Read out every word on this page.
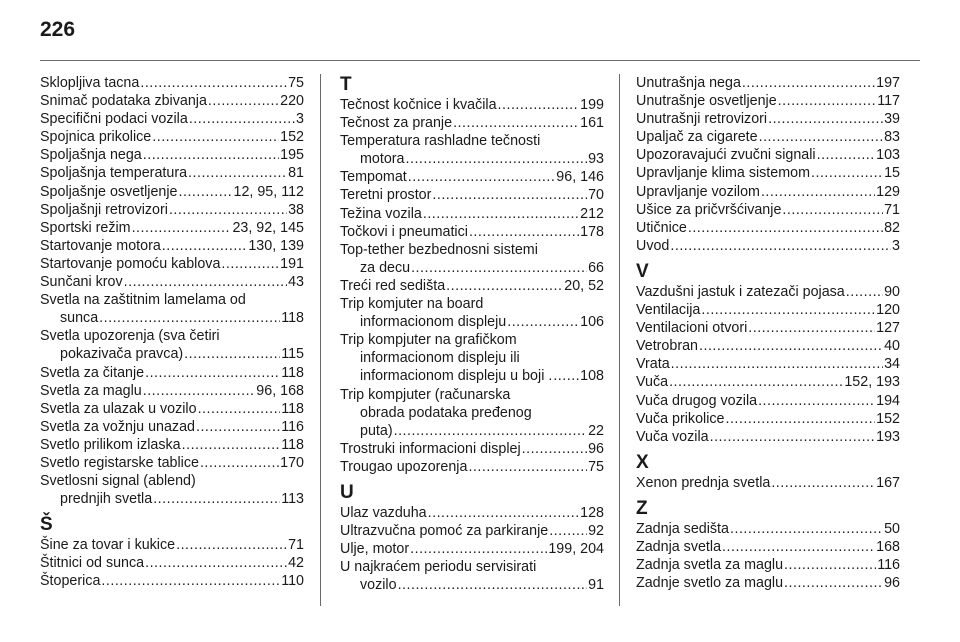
226
Sklopljiva tacna .....	75
Snimač podataka zbivanja .....	220
Specifični podaci vozila .....	3
Spojnica prikolice .....	152
Spoljašnja nega .....	195
Spoljašnja temperatura .....	81
Spoljašnje osvetljenje .....	12, 95, 112
Spoljašnji retrovizori .....	38
Sportski režim .....	23, 92, 145
Startovanje motora .....	130, 139
Startovanje pomoću kablova .....	191
Sunčani krov .....	43
Svetla na zaštitnim lamelama od
sunca .....	118
Svetla upozorenja (sva četiri
pokazivača pravca) .....	115
Svetla za čitanje .....	118
Svetla za maglu .....	96, 168
Svetla za ulazak u vozilo .....	118
Svetla za vožnju unazad .....	116
Svetlo prilikom izlaska .....	118
Svetlo registarske tablice .....	170
Svetlosni signal (ablend)
prednjih svetla .....	113
Š
Šine za tovar i kukice .....	71
Štitnici od sunca .....	42
Štoperica .....	110
T
Tečnost kočnice i kvačila .....	199
Tečnost za pranje .....	161
Temperatura rashladne tečnosti
motora .....	93
Tempomat .....	96, 146
Teretni prostor .....	70
Težina vozila .....	212
Točkovi i pneumatici .....	178
Top-tether bezbednosni sistemi
za decu .....	66
Treći red sedišta .....	20, 52
Trip komjuter na board
informacionom displeju .....	106
Trip kompjuter na grafičkom
informacionom displeju ili
informacionom displeju u boji . ..... 108
Trip kompjuter (računarska
obrada podataka pređenog
puta) .....	22
Trostruki informacioni displej .....	96
Trougao upozorenja .....	75
U
Ulaz vazduha .....	128
Ultrazvučna pomoć za parkiranje .....	92
Ulje, motor .....	199, 204
U najkraćem periodu servisirati
vozilo .....	91
Unutrašnja nega .....	197
Unutrašnje osvetljenje .....	117
Unutrašnji retrovizori .....	39
Upaljač za cigarete .....	83
Upozoravajući zvučni signali .....	103
Upravljanje klima sistemom .....	15
Upravljanje vozilom .....	129
Ušice za pričvršćivanje .....	71
Utičnice .....	82
Uvod .....	3
V
Vazdušni jastuk i zatezači pojasa .....	90
Ventilacija .....	120
Ventilacioni otvori .....	127
Vetrobran .....	40
Vrata .....	34
Vuča .....	152, 193
Vuča drugog vozila .....	194
Vuča prikolice .....	152
Vuča vozila .....	193
X
Xenon prednja svetla .....	167
Z
Zadnja sedišta .....	50
Zadnja svetla .....	168
Zadnja svetla za maglu .....	116
Zadnje svetlo za maglu .....	96
